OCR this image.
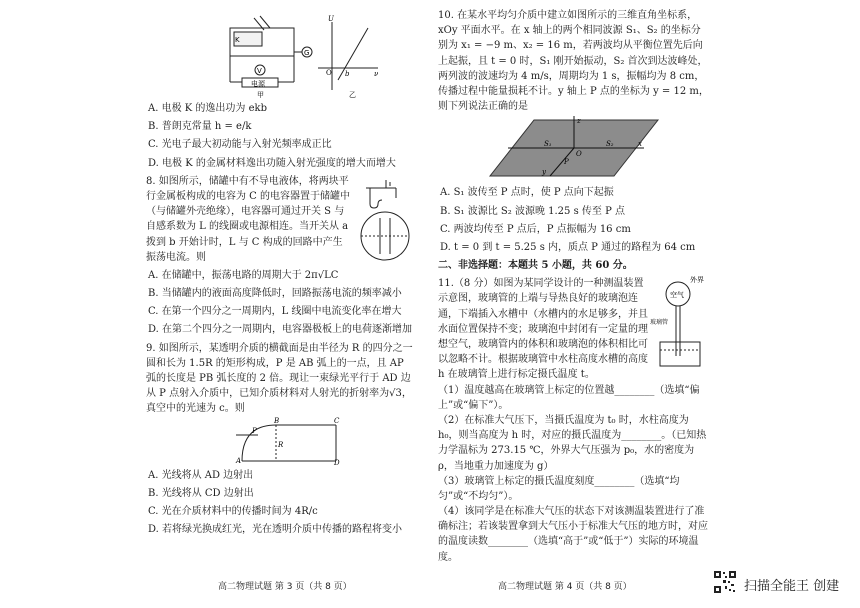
K
V
G
电源
甲
U
O b	ν
乙

A. 电极 K 的逸出功为 ekb

B. 普朗克常量 h = e/k

C. 光电子最大初动能与入射光频率成正比

D. 电极 K 的金属材料逸出功随入射光强度的增大而增大

8. 如图所示，储罐中有不导电液体，将两块平行金属板构成的电容为 C 的电容器置于储罐中（与储罐外壳绝缘），电容器可通过开关 S 与自感系数为 L 的线圈或电源相连。当开关从 a 拨到 b 开始计时，L 与 C 构成的回路中产生振荡电流。则

A. 在储罐中，振荡电路的周期大于 2π√LC

B. 当储罐内的液面高度降低时，回路振荡电流的频率减小

C. 在第一个四分之一周期内，L 线圈中电流变化率在增大

D. 在第二个四分之一周期内，电容器极板上的电荷逐渐增加

9. 如图所示，某透明介质的横截面是由半径为 R 的四分之一圆和长为 1.5R 的矩形构成，P 是 AB 弧上的一点，且 AP 弧的长度是 PB 弧长度的 2 倍。现让一束绿光平行于 AD 边从 P 点射入介质中，已知介质材料对人射光的折射率为√3，真空中的光速为 c。则

A
B	C
D
P
R

A. 光线将从 AD 边射出

B. 光线将从 CD 边射出

C. 光在介质材料中的传播时间为 4R/c

D. 若将绿光换成红光，光在透明介质中传播的路程将变小

高二物理试题 第 3 页（共 8 页）

10. 在某水平均匀介质中建立如图所示的三维直角坐标系，xOy 平面水平。在 x 轴上的两个相同波源 S₁、S₂ 的坐标分别为 x₁ = −9 m、x₂ = 16 m，若两波均从平衡位置先后向上起振，且 t = 0 时，S₁ 刚开始振动，S₂ 首次到达波峰处，两列波的波速均为 4 m/s，周期均为 1 s，振幅均为 8 cm，传播过程中能量损耗不计。y 轴上 P 点的坐标为 y = 12 m，则下列说法正确的是

z
x
y
O
S₁	S₂
P

A. S₁ 波传至 P 点时，使 P 点向下起振

B. S₁ 波源比 S₂ 波源晚 1.25 s 传至 P 点

C. 两波均传至 P 点后，P 点振幅为 16 cm

D. t = 0 到 t = 5.25 s 内，质点 P 通过的路程为 64 cm

二、非选择题：本题共 5 小题，共 60 分。

11.（8 分）如图为某同学设计的一种测温装置示意图，玻璃管的上端与导热良好的玻璃泡连通，下端插入水槽中（水槽内的水足够多，并且水面位置保持不变；玻璃泡中封闭有一定量的理想空气，玻璃管内的体积和玻璃泡的体积相比可以忽略不计。根据玻璃管中水柱高度水槽的高度 h 在玻璃管上进行标定摄氏温度 t。

空气
外界
玻璃管

（1）温度越高在玻璃管上标定的位置越________（选填“偏上”或“偏下”）。

（2）在标准大气压下，当摄氏温度为 t₀ 时，水柱高度为 h₀，则当高度为 h 时，对应的摄氏温度为________。（已知热力学温标为 273.15 ℃，外界大气压强为 p₀，水的密度为 ρ，当地重力加速度为 g）

（3）玻璃管上标定的摄氏温度刻度________（选填“均匀”或“不均匀”）。

（4）该同学是在标准大气压的状态下对该测温装置进行了准确标注；若该装置拿到大气压小于标准大气压的地方时，对应的温度读数________（选填“高于”或“低于”）实际的环境温度。

高二物理试题 第 4 页（共 8 页）	扫描全能王 创建
